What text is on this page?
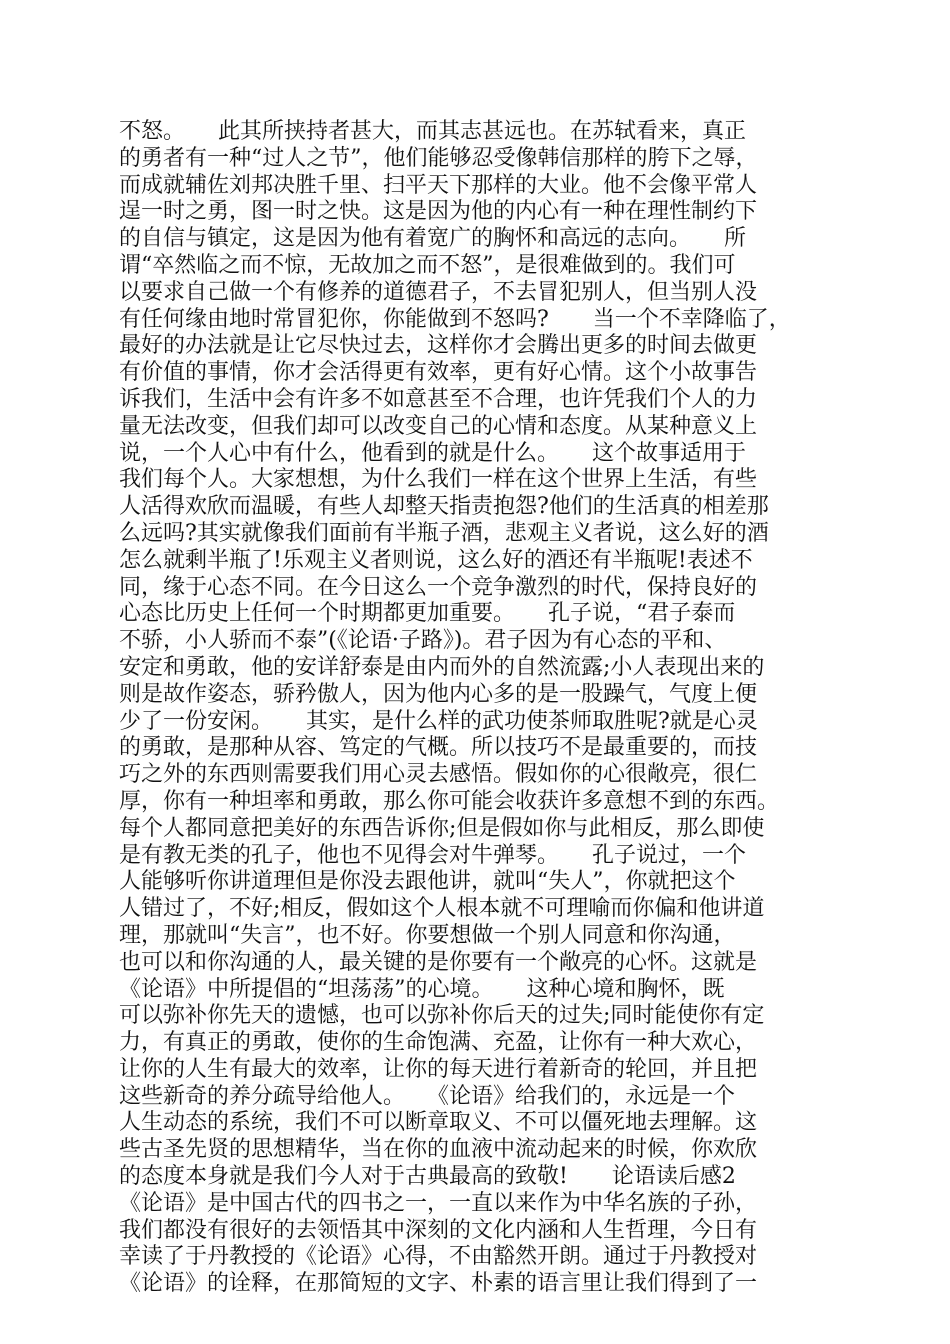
不怒。　　此其所挟持者甚大，而其志甚远也。在苏轼看来，真正
的勇者有一种“过人之节”，他们能够忍受像韩信那样的胯下之辱，
而成就辅佐刘邦决胜千里、扫平天下那样的大业。他不会像平常人
逞一时之勇，图一时之快。这是因为他的内心有一种在理性制约下
的自信与镇定，这是因为他有着宽广的胸怀和高远的志向。　　所
谓“卒然临之而不惊，无故加之而不怒”，是很难做到的。我们可
以要求自己做一个有修养的道德君子，不去冒犯别人，但当别人没
有任何缘由地时常冒犯你，你能做到不怒吗?　　当一个不幸降临了，
最好的办法就是让它尽快过去，这样你才会腾出更多的时间去做更
有价值的事情，你才会活得更有效率，更有好心情。这个小故事告
诉我们，生活中会有许多不如意甚至不合理，也许凭我们个人的力
量无法改变，但我们却可以改变自己的心情和态度。从某种意义上
说，一个人心中有什么，他看到的就是什么。　　这个故事适用于
我们每个人。大家想想，为什么我们一样在这个世界上生活，有些
人活得欢欣而温暖，有些人却整天指责抱怨?他们的生活真的相差那
么远吗?其实就像我们面前有半瓶子酒，悲观主义者说，这么好的酒
怎么就剩半瓶了!乐观主义者则说，这么好的酒还有半瓶呢!表述不
同，缘于心态不同。在今日这么一个竞争激烈的时代，保持良好的
心态比历史上任何一个时期都更加重要。　　孔子说，“君子泰而
不骄，小人骄而不泰”(《论语·子路》)。君子因为有心态的平和、
安定和勇敢，他的安详舒泰是由内而外的自然流露;小人表现出来的
则是故作姿态，骄矜傲人，因为他内心多的是一股躁气，气度上便
少了一份安闲。　　其实，是什么样的武功使茶师取胜呢?就是心灵
的勇敢，是那种从容、笃定的气概。所以技巧不是最重要的，而技
巧之外的东西则需要我们用心灵去感悟。假如你的心很敞亮，很仁
厚，你有一种坦率和勇敢，那么你可能会收获许多意想不到的东西。
每个人都同意把美好的东西告诉你;但是假如你与此相反，那么即使
是有教无类的孔子，他也不见得会对牛弹琴。　　孔子说过，一个
人能够听你讲道理但是你没去跟他讲，就叫“失人”，你就把这个
人错过了，不好;相反，假如这个人根本就不可理喻而你偏和他讲道
理，那就叫“失言”，也不好。你要想做一个别人同意和你沟通，
也可以和你沟通的人，最关键的是你要有一个敞亮的心怀。这就是
《论语》中所提倡的“坦荡荡”的心境。　　这种心境和胸怀，既
可以弥补你先天的遗憾，也可以弥补你后天的过失;同时能使你有定
力，有真正的勇敢，使你的生命饱满、充盈，让你有一种大欢心，
让你的人生有最大的效率，让你的每天进行着新奇的轮回，并且把
这些新奇的养分疏导给他人。　　《论语》给我们的，永远是一个
人生动态的系统，我们不可以断章取义、不可以僵死地去理解。这
些古圣先贤的思想精华，当在你的血液中流动起来的时候，你欢欣
的态度本身就是我们今人对于古典最高的致敬!　　论语读后感2
《论语》是中国古代的四书之一，一直以来作为中华名族的子孙，
我们都没有很好的去领悟其中深刻的文化内涵和人生哲理，今日有
幸读了于丹教授的《论语》心得，不由豁然开朗。通过于丹教授对
《论语》的诠释，在那简短的文字、朴素的语言里让我们得到了一
